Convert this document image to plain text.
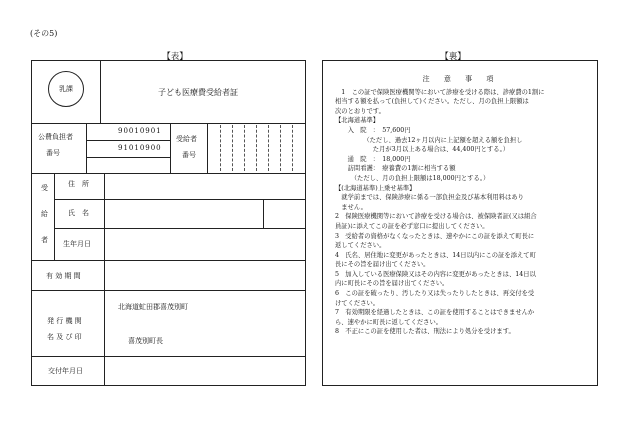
(その5)
【表】	【裏】
乳課	子ども医療費受給者証
公費負担者
番号
90010901
91010900
受給者
番号
受
給
者
住　所
氏　名
生年月日
有 効 期 間
発 行 機 関
名 及 び 印
北海道虻田郡喜茂別町
喜茂別町長
交付年月日
注 意 事 項

　1　この証で保険医療機関等において診療を受ける際は、診療費の1割に

相当する額を払って(負担して)ください。ただし、月の負担上限額は

次のとおりです。

【北海道基準】

　　入　院　：　57,600円

　　　　　（ただし、過去12ヶ月以内に上記額を超える額を負担し

　　　　　　た月が3月以上ある場合は、44,400円とする。）

　　通　院　：　18,000円

　　訪問看護：　療養費の1割に相当する額

　　　（ただし、月の負担上限額は18,000円とする。）

【(北海道基準)上乗せ基準】

　就学前までは、保険診療に係る一部負担金及び基本利用料はあり

　ません。

2　保険医療機関等において診療を受ける場合は、被保険者証(又は組合

員証)に添えてこの証を必ず窓口に提出してください。

3　受給者の資格がなくなったときは、速やかにこの証を添えて町長に

返してください。

4　氏名、居住地に変更があったときは、14日以内にこの証を添えて町

長にその旨を届け出てください。

5　加入している医療保険又はその内容に変更があったときは、14日以

内に町長にその旨を届け出てください。

6　この証を破ったり、汚したり又は失ったりしたときは、再交付を受

けてください。

7　有効期限を経過したときは、この証を使用することはできませんか

ら、速やかに町長に返してください。

8　不正にこの証を使用した者は、刑法により処分を受けます。
